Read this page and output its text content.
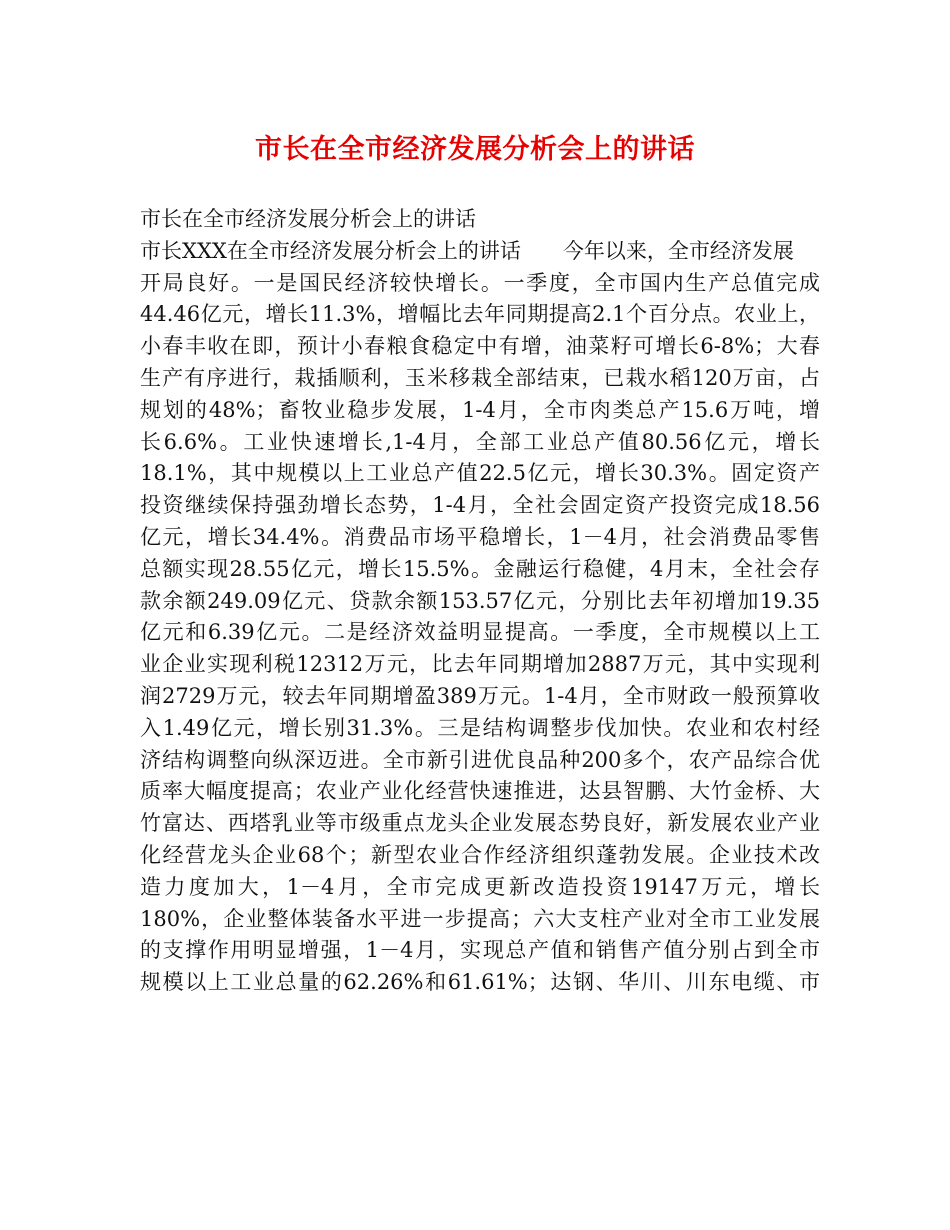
市长在全市经济发展分析会上的讲话
市长在全市经济发展分析会上的讲话
市长XXX在全市经济发展分析会上的讲话　　今年以来，全市经济发展
开局良好。一是国民经济较快增长。一季度，全市国内生产总值完成
44.46亿元，增长11.3%，增幅比去年同期提高2.1个百分点。农业上，
小春丰收在即，预计小春粮食稳定中有增，油菜籽可增长6-8%；大春
生产有序进行，栽插顺利，玉米移栽全部结束，已栽水稻120万亩，占
规划的48%；畜牧业稳步发展，1-4月，全市肉类总产15.6万吨，增
长6.6%。工业快速增长,1-4月，全部工业总产值80.56亿元，增长
18.1%，其中规模以上工业总产值22.5亿元，增长30.3%。固定资产
投资继续保持强劲增长态势，1-4月，全社会固定资产投资完成18.56
亿元，增长34.4%。消费品市场平稳增长，1－4月，社会消费品零售
总额实现28.55亿元，增长15.5%。金融运行稳健，4月末，全社会存
款余额249.09亿元、贷款余额153.57亿元，分别比去年初增加19.35
亿元和6.39亿元。二是经济效益明显提高。一季度，全市规模以上工
业企业实现利税12312万元，比去年同期增加2887万元，其中实现利
润2729万元，较去年同期增盈389万元。1-4月，全市财政一般预算收
入1.49亿元，增长别31.3%。三是结构调整步伐加快。农业和农村经
济结构调整向纵深迈进。全市新引进优良品种200多个，农产品综合优
质率大幅度提高；农业产业化经营快速推进，达县智鹏、大竹金桥、大
竹富达、西塔乳业等市级重点龙头企业发展态势良好，新发展农业产业
化经营龙头企业68个；新型农业合作经济组织蓬勃发展。企业技术改
造力度加大，1－4月，全市完成更新改造投资19147万元，增长
180%，企业整体装备水平进一步提高；六大支柱产业对全市工业发展
的支撑作用明显增强，1－4月，实现总产值和销售产值分别占到全市
规模以上工业总量的62.26%和61.61%；达钢、华川、川东电缆、市
